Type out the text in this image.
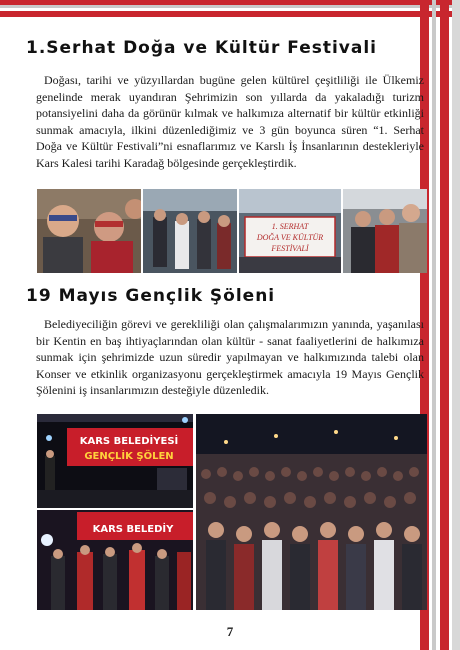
1.Serhat Doğa ve Kültür Festivali

Doğası, tarihi ve yüzyıllardan bugüne gelen kültürel çeşitliliği ile Ülkemiz genelinde merak uyandıran Şehrimizin son yıllarda da yakaladığı turizm potansiyelini daha da görünür kılmak ve halkımıza alternatif bir kültür etkinliği sunmak amacıyla, ilkini düzenlediğimiz ve 3 gün boyunca süren “1. Serhat Doğa ve Kültür Festivali”ni esnaflarımız ve Karslı İş İnsanlarının destekleriyle Kars Kalesi tarihi Karadağ bölgesinde gerçekleştirdik.

1. SERHAT
DOĞA VE KÜLTÜR
FESTİVALİ
19 Mayıs Gençlik Şöleni

Belediyeciliğin görevi ve gerekliliği olan çalışmalarımızın yanında, yaşanılası bir Kentin en baş ihtiyaçlarından olan kültür - sanat faaliyetlerini de halkımıza sunmak için şehrimizde uzun süredir yapılmayan ve halkımızında talebi olan Konser ve etkinlik organizasyonu gerçekleştirmek amacıyla 19 Mayıs Gençlik Şölenini iş insanlarımızın desteğiyle düzenledik.

KARS BELEDİYESİ
GENÇLİK ŞÖLEN
KARS BELEDİY
7
